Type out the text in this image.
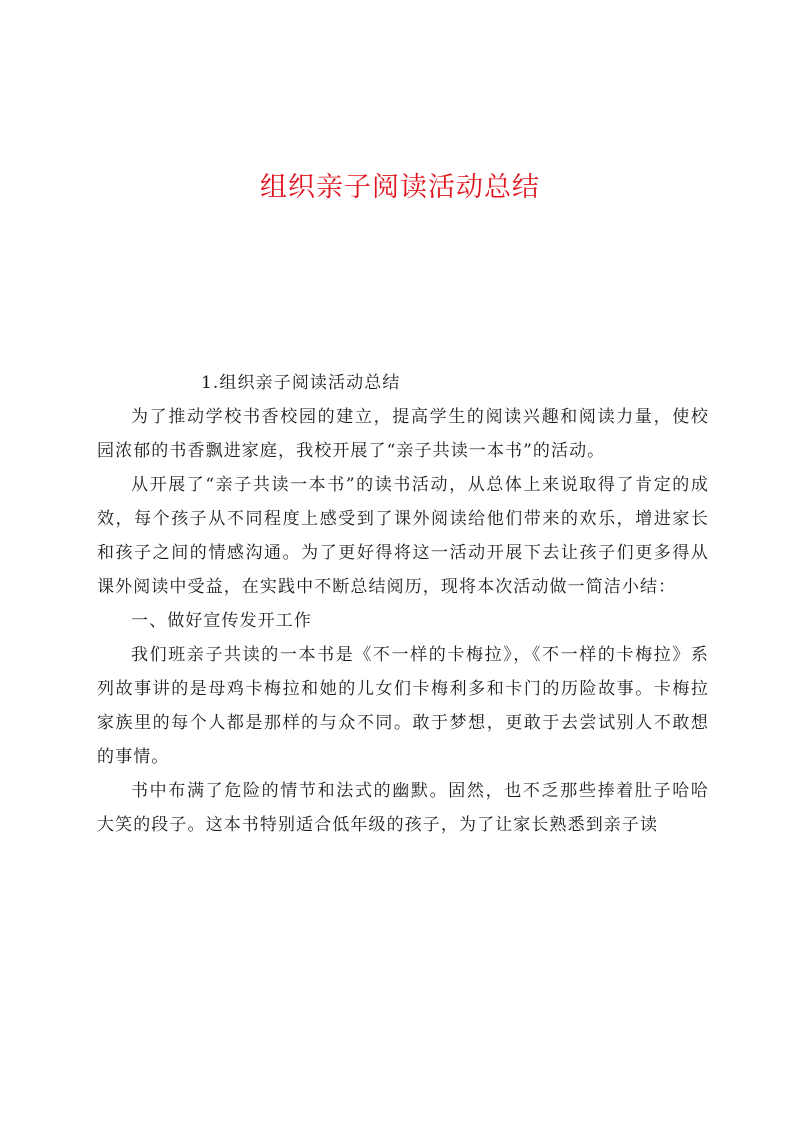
组织亲子阅读活动总结

1.组织亲子阅读活动总结

为了推动学校书香校园的建立，提高学生的阅读兴趣和阅读力量，使校园浓郁的书香飘进家庭，我校开展了“亲子共读一本书”的活动。

从开展了“亲子共读一本书”的读书活动，从总体上来说取得了肯定的成效，每个孩子从不同程度上感受到了课外阅读给他们带来的欢乐，增进家长和孩子之间的情感沟通。为了更好得将这一活动开展下去让孩子们更多得从课外阅读中受益，在实践中不断总结阅历，现将本次活动做一简洁小结：

一、做好宣传发开工作

我们班亲子共读的一本书是《不一样的卡梅拉》，《不一样的卡梅拉》系列故事讲的是母鸡卡梅拉和她的儿女们卡梅利多和卡门的历险故事。卡梅拉家族里的每个人都是那样的与众不同。敢于梦想，更敢于去尝试别人不敢想的事情。

书中布满了危险的情节和法式的幽默。固然，也不乏那些捧着肚子哈哈大笑的段子。这本书特别适合低年级的孩子，为了让家长熟悉到亲子读
